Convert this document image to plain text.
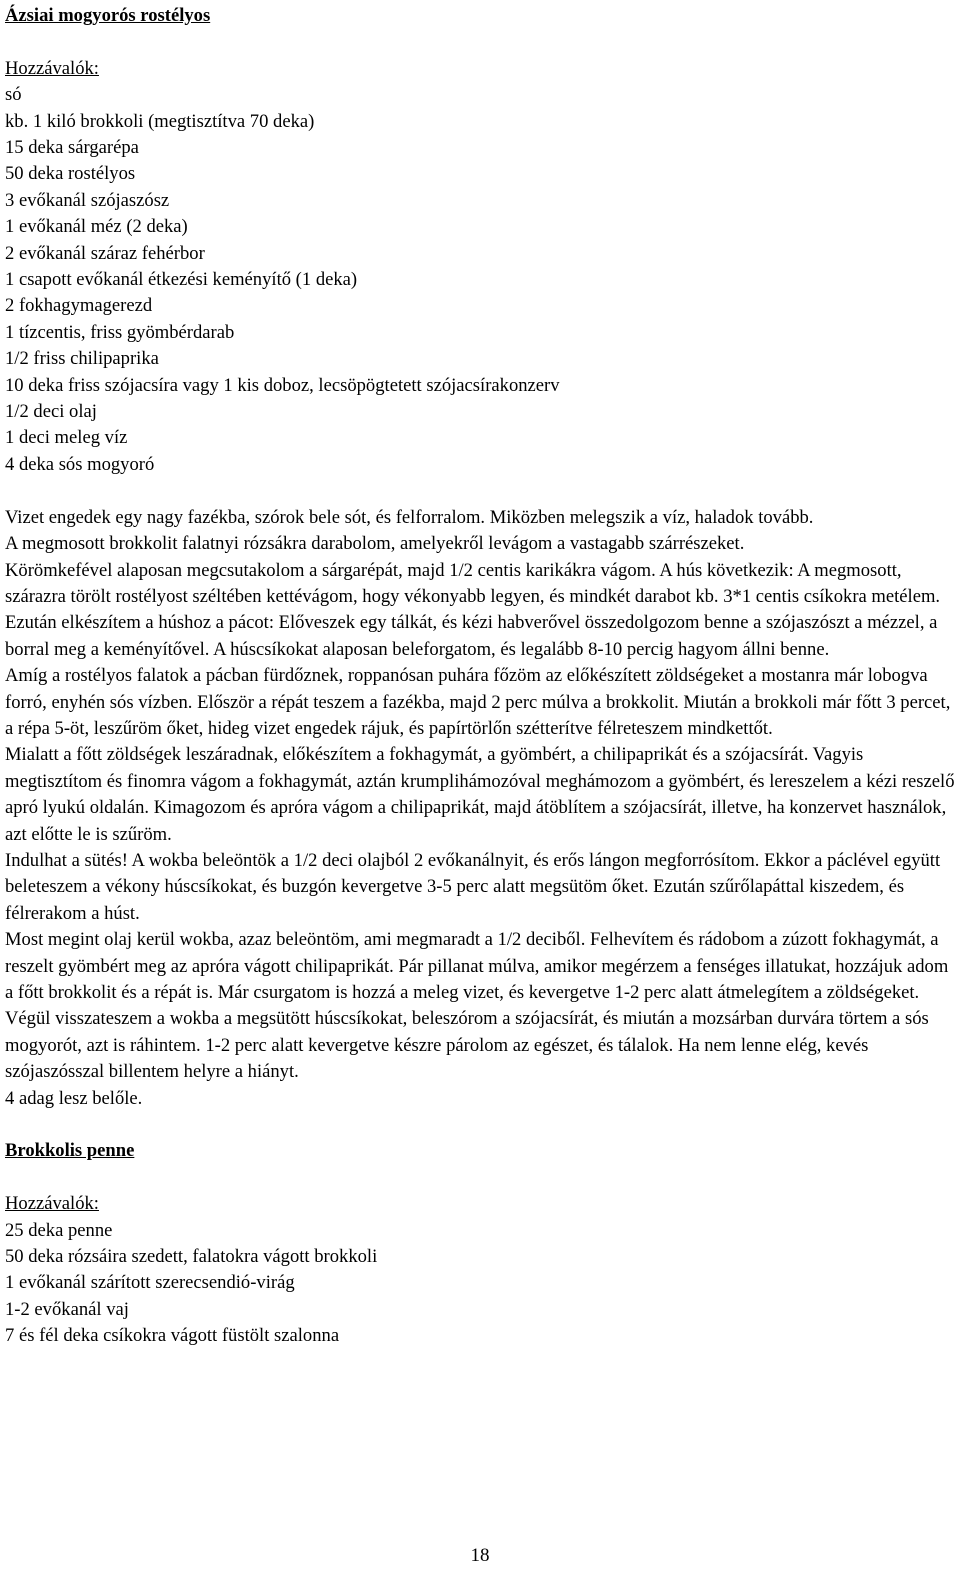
Ázsiai mogyorós rostélyos

Hozzávalók:

só
kb. 1 kiló brokkoli (megtisztítva 70 deka)
15 deka sárgarépa
50 deka rostélyos
3 evőkanál szójaszósz
1 evőkanál méz (2 deka)
2 evőkanál száraz fehérbor
1 csapott evőkanál étkezési keményítő (1 deka)
2 fokhagymagerezd
1 tízcentis, friss gyömbérdarab
1/2 friss chilipaprika
10 deka friss szójacsíra vagy 1 kis doboz, lecsöpögtetett szójacsírakonzerv
1/2 deci olaj
1 deci meleg víz
4 deka sós mogyoró

Vizet engedek egy nagy fazékba, szórok bele sót, és felforralom. Miközben melegszik a víz, haladok tovább.

A megmosott brokkolit falatnyi rózsákra darabolom, amelyekről levágom a vastagabb szárrészeket.

Körömkefével alaposan megcsutakolom a sárgarépát, majd 1/2 centis karikákra vágom. A hús következik: A megmosott, szárazra törölt rostélyost széltében kettévágom, hogy vékonyabb legyen, és mindkét darabot kb. 3*1 centis csíkokra metélem.

Ezután elkészítem a húshoz a pácot: Elővеszek egy tálkát, és kézi habverővel összedolgozom benne a szójaszószt a mézzel, a borral meg a keményítővel. A húscsíkokat alaposan beleforgatom, és legalább 8-10 percig hagyom állni benne.

Amíg a rostélyos falatok a pácban fürdőznek, roppanósan puhára főzöm az előkészített zöldségeket a mostanra már lobogva forró, enyhén sós vízben. Először a répát teszem a fazékba, majd 2 perc múlva a brokkolit. Miután a brokkoli már főtt 3 percet, a répa 5-öt, leszűröm őket, hideg vizet engedek rájuk, és papírtörlőn szétterítve félreteszem mindkettőt.

Mialatt a főtt zöldségek leszáradnak, előkészítem a fokhagymát, a gyömbért, a chilipaprikát és a szójacsírát. Vagyis megtisztítom és finomra vágom a fokhagymát, aztán krumplihámozóval meghámozom a gyömbért, és lereszelem a kézi reszelő apró lyukú oldalán. Kimagozom és apróra vágom a chilipaprikát, majd átöblítem a szójacsírát, illetve, ha konzervet használok, azt előtte le is szűröm.

Indulhat a sütés! A wokba beleöntök a 1/2 deci olajból 2 evőkanálnyit, és erős lángon megforrósítom. Ekkor a páclével együtt beleteszem a vékony húscsíkokat, és buzgón kevergetve 3-5 perc alatt megsütöm őket. Ezután szűrőlapáttal kiszedem, és félrerakom a húst.

Most megint olaj kerül wokba, azaz beleöntöm, ami megmaradt a 1/2 deciből. Felhevítem és rádobom a zúzott fokhagymát, a reszelt gyömbért meg az apróra vágott chilipaprikát. Pár pillanat múlva, amikor megérzem a fenséges illatukat, hozzájuk adom a főtt brokkolit és a répát is. Már csurgatom is hozzá a meleg vizet, és kevergetve 1-2 perc alatt átmelegítem a zöldségeket.

Végül visszateszem a wokba a megsütött húscsíkokat, beleszórom a szójacsírát, és miután a mozsárban durvára törtem a sós mogyorót, azt is ráhintem. 1-2 perc alatt kevergetve készre párolom az egészet, és tálalok. Ha nem lenne elég, kevés szójaszósszal billentem helyre a hiányt.

4 adag lesz belőle.

Brokkolis penne

Hozzávalók:

25 deka penne
50 deka rózsáira szedett, falatokra vágott brokkoli
1 evőkanál szárított szerecsendió-virág
1-2 evőkanál vaj
7 és fél deka csíkokra vágott füstölt szalonna
18
